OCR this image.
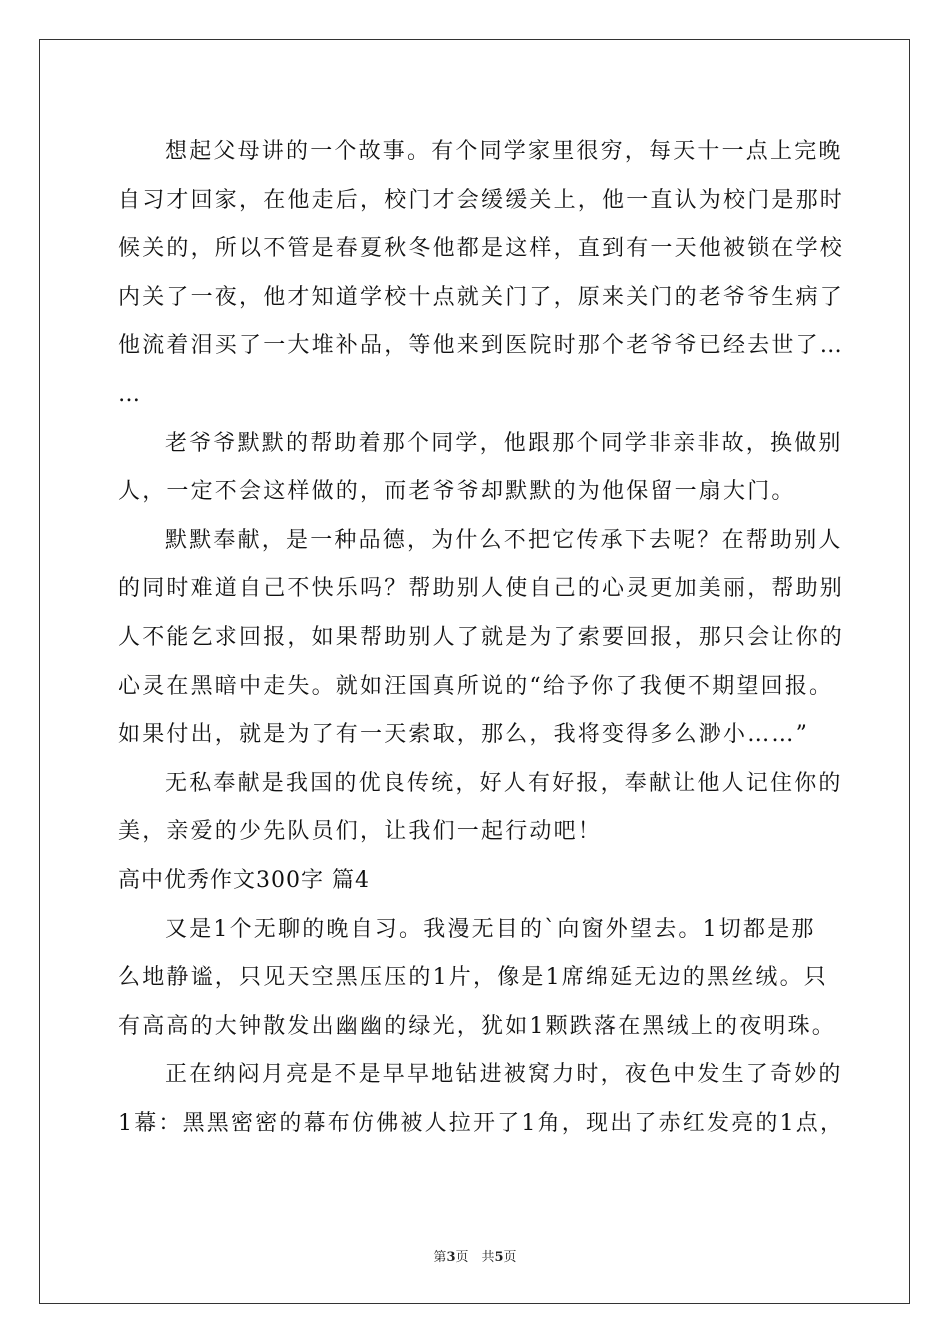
想起父母讲的一个故事。有个同学家里很穷，每天十一点上完晚
自习才回家，在他走后，校门才会缓缓关上，他一直认为校门是那时
候关的，所以不管是春夏秋冬他都是这样，直到有一天他被锁在学校
内关了一夜，他才知道学校十点就关门了，原来关门的老爷爷生病了
他流着泪买了一大堆补品，等他来到医院时那个老爷爷已经去世了…
…
老爷爷默默的帮助着那个同学，他跟那个同学非亲非故，换做别
人，一定不会这样做的，而老爷爷却默默的为他保留一扇大门。
默默奉献，是一种品德，为什么不把它传承下去呢？在帮助别人
的同时难道自己不快乐吗？帮助别人使自己的心灵更加美丽，帮助别
人不能乞求回报，如果帮助别人了就是为了索要回报，那只会让你的
心灵在黑暗中走失。就如汪国真所说的“给予你了我便不期望回报。
如果付出，就是为了有一天索取，那么，我将变得多么渺小……”
无私奉献是我国的优良传统，好人有好报，奉献让他人记住你的
美，亲爱的少先队员们，让我们一起行动吧！
高中优秀作文300字 篇4
又是1个无聊的晚自习。我漫无目的`向窗外望去。1切都是那
么地静谧，只见天空黑压压的1片，像是1席绵延无边的黑丝绒。只
有高高的大钟散发出幽幽的绿光，犹如1颗跌落在黑绒上的夜明珠。
正在纳闷月亮是不是早早地钻进被窝力时，夜色中发生了奇妙的
1幕：黑黑密密的幕布仿佛被人拉开了1角，现出了赤红发亮的1点，
第3页　共5页
